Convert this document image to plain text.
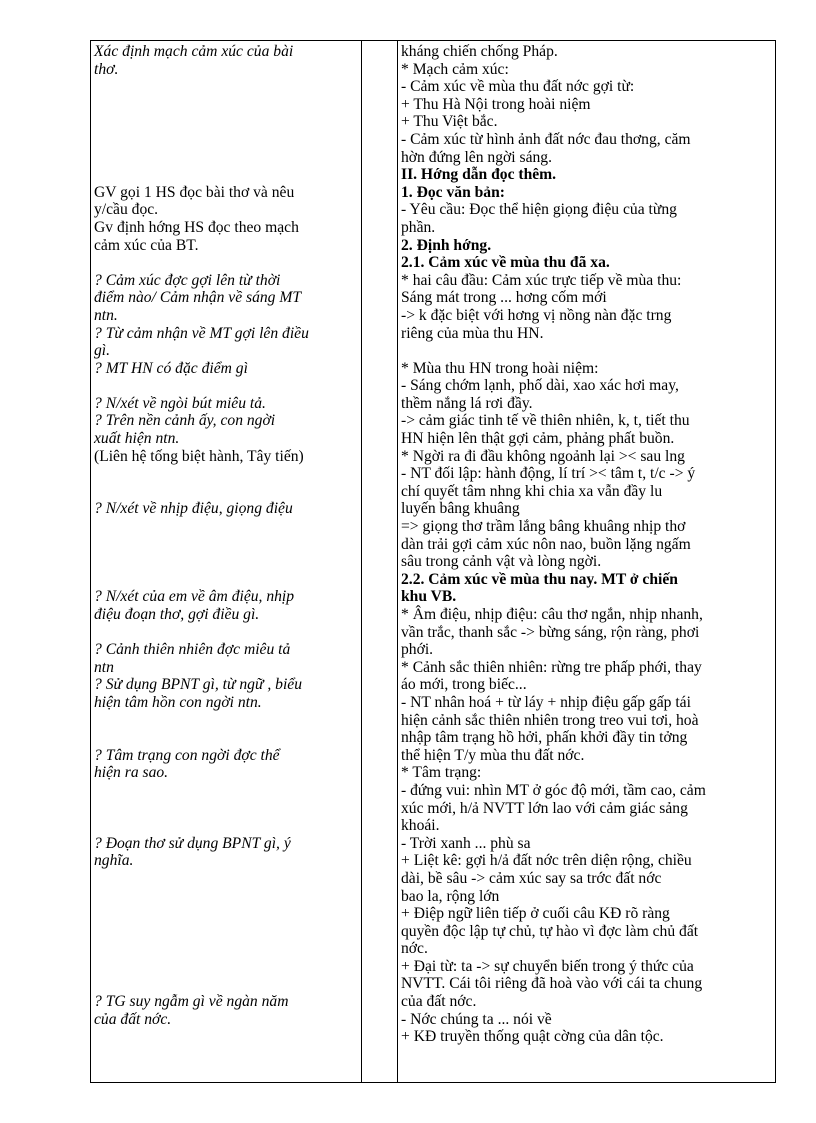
Xác định mạch cảm xúc của bài
thơ.
GV gọi 1 HS đọc bài thơ và nêu
y/cầu đọc.
Gv định hớng HS đọc theo mạch
cảm xúc của BT.
? Cảm xúc đợc gợi lên từ thời
điểm nào/ Cảm nhận về sáng MT
ntn.
? Từ cảm nhận về MT gợi lên điều
gì.
? MT HN có đặc điểm gì
? N/xét về ngòi bút miêu tả.
? Trên nền cảnh ấy, con ngời
xuất hiện ntn.
(Liên hệ tống biệt hành, Tây tiến)
? N/xét về nhịp điệu, giọng điệu
? N/xét của em về âm điệu, nhịp
điệu đoạn thơ, gợi điều gì.
? Cảnh thiên nhiên đợc miêu tả
ntn
? Sử dụng BPNT gì, từ ngữ , biểu
hiện tâm hồn con ngời ntn.
? Tâm trạng con ngời đợc thể
hiện ra sao.
? Đoạn thơ sử dụng BPNT gì, ý
nghĩa.
? TG suy ngẫm gì về ngàn năm
của đất nớc.
kháng chiến chống Pháp.
* Mạch cảm xúc:
- Cảm xúc về mùa thu đất nớc gợi từ:
+ Thu Hà Nội trong hoài niệm
+ Thu Việt bắc.
- Cảm xúc từ hình ảnh đất nớc đau thơng, căm
hờn đứng lên ngời sáng.
II. Hớng dẫn đọc thêm.
1. Đọc văn bản:
- Yêu cầu: Đọc thể hiện giọng điệu của từng
phần.
2. Định hớng.
2.1. Cảm xúc về mùa thu đã xa.
* hai câu đầu: Cảm xúc trực tiếp về mùa thu:
Sáng mát trong ... hơng cốm mới
-> k đặc biệt với hơng vị nồng nàn đặc trng
riêng của mùa thu HN.
* Mùa thu HN trong hoài niệm:
- Sáng chớm lạnh, phố dài, xao xác hơi may,
thềm nắng lá rơi đầy.
-> cảm giác tinh tế về thiên nhiên, k, t, tiết thu
HN hiện lên thật gợi cảm, phảng phất buồn.
* Ngời ra đi đầu không ngoảnh lại >< sau lng
- NT đối lập: hành động, lí trí >< tâm t, t/c -> ý
chí quyết tâm nhng khi chia xa vẫn đầy lu
luyến bâng khuâng
=> giọng thơ trầm lắng bâng khuâng nhịp thơ
dàn trải gợi cảm xúc nôn nao, buồn lặng ngấm
sâu trong cảnh vật và lòng ngời.
2.2. Cảm xúc về mùa thu nay. MT ở chiến
khu VB.
* Âm điệu, nhịp điệu: câu thơ ngắn, nhịp nhanh,
vần trắc, thanh sắc -> bừng sáng, rộn ràng, phơi
phới.
* Cảnh sắc thiên nhiên: rừng tre phấp phới, thay
áo mới, trong biếc...
- NT nhân hoá + từ láy + nhịp điệu gấp gấp tái
hiện cảnh sắc thiên nhiên trong treo vui tơi, hoà
nhập tâm trạng hồ hởi, phấn khởi đầy tin tởng
thể hiện T/y mùa thu đất nớc.
* Tâm trạng:
- đứng vui: nhìn MT ở góc độ mới, tầm cao, cảm
xúc mới, h/ả NVTT lớn lao với cảm giác sảng
khoái.
- Trời xanh ... phù sa
+ Liệt kê: gợi h/ả đất nớc trên diện rộng, chiều
dài, bề sâu -> cảm xúc say sa trớc đất nớc
bao la, rộng lớn
+ Điệp ngữ liên tiếp ở cuối câu KĐ rõ ràng
quyền độc lập tự chủ, tự hào vì đợc làm chủ đất
nớc.
+ Đại từ: ta -> sự chuyển biến trong ý thức của
NVTT. Cái tôi riêng đã hoà vào với cái ta chung
của đất nớc.
- Nớc chúng ta ... nói về
+ KĐ truyền thống quật cờng của dân tộc.
